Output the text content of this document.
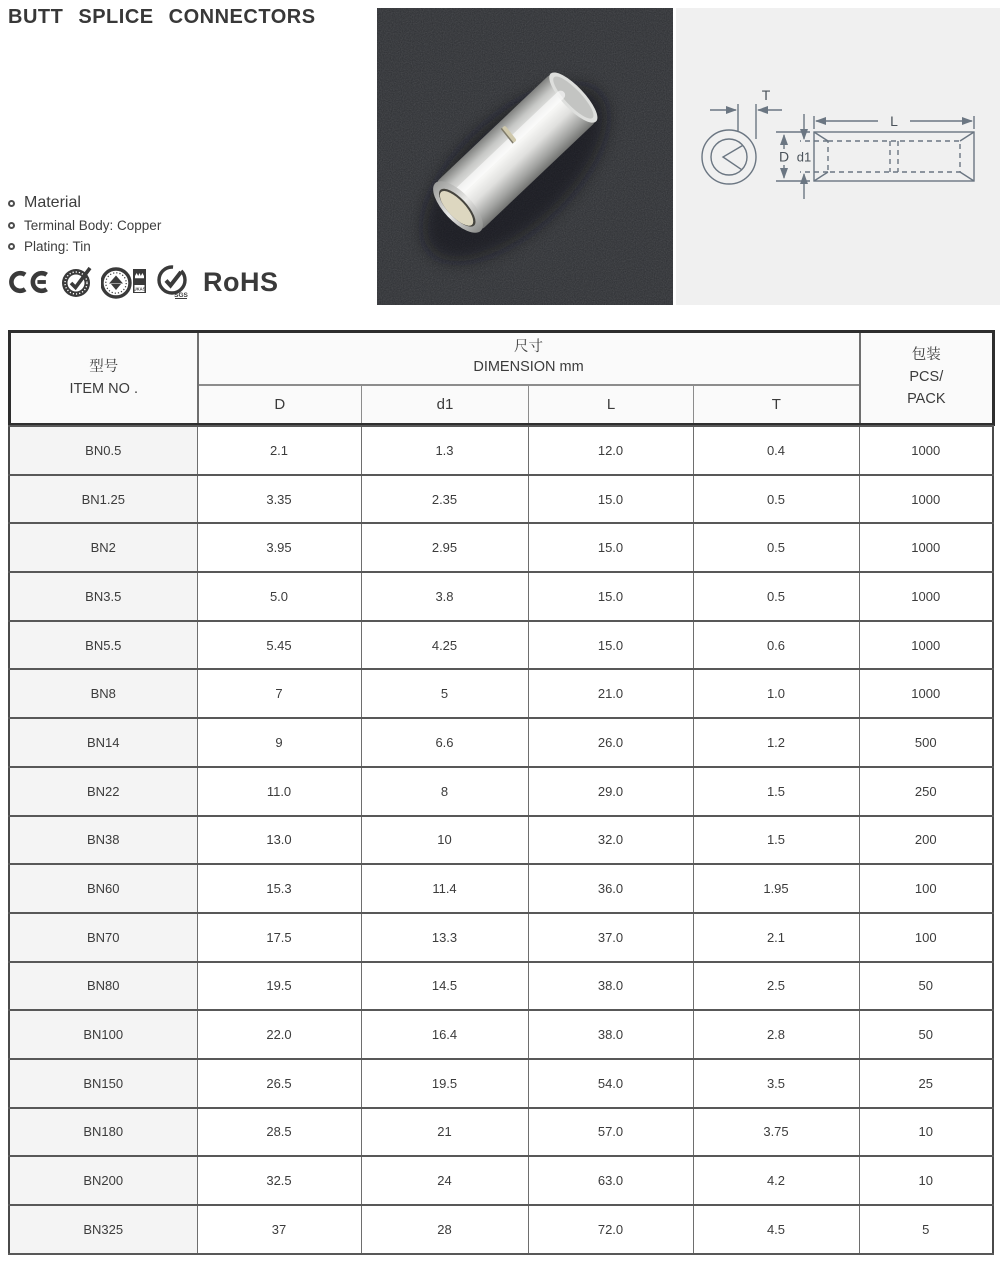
BUTT SPLICE CONNECTORS
T
L
D d1
Material
Terminal Body: Copper
Plating: Tin
UKAS
SGS RoHS
型号
ITEM NO .

尺寸
DIMENSION mm

包装
PCS/
PACK

	D	d1	L	T	
BN0.5	2.1	1.3	12.0	0.4	1000
BN1.25	3.35	2.35	15.0	0.5	1000
BN2	3.95	2.95	15.0	0.5	1000
BN3.5	5.0	3.8	15.0	0.5	1000
BN5.5	5.45	4.25	15.0	0.6	1000
BN8	7	5	21.0	1.0	1000
BN14	9	6.6	26.0	1.2	500
BN22	11.0	8	29.0	1.5	250
BN38	13.0	10	32.0	1.5	200
BN60	15.3	11.4	36.0	1.95	100
BN70	17.5	13.3	37.0	2.1	100
BN80	19.5	14.5	38.0	2.5	50
BN100	22.0	16.4	38.0	2.8	50
BN150	26.5	19.5	54.0	3.5	25
BN180	28.5	21	57.0	3.75	10
BN200	32.5	24	63.0	4.2	10
BN325	37	28	72.0	4.5	5
